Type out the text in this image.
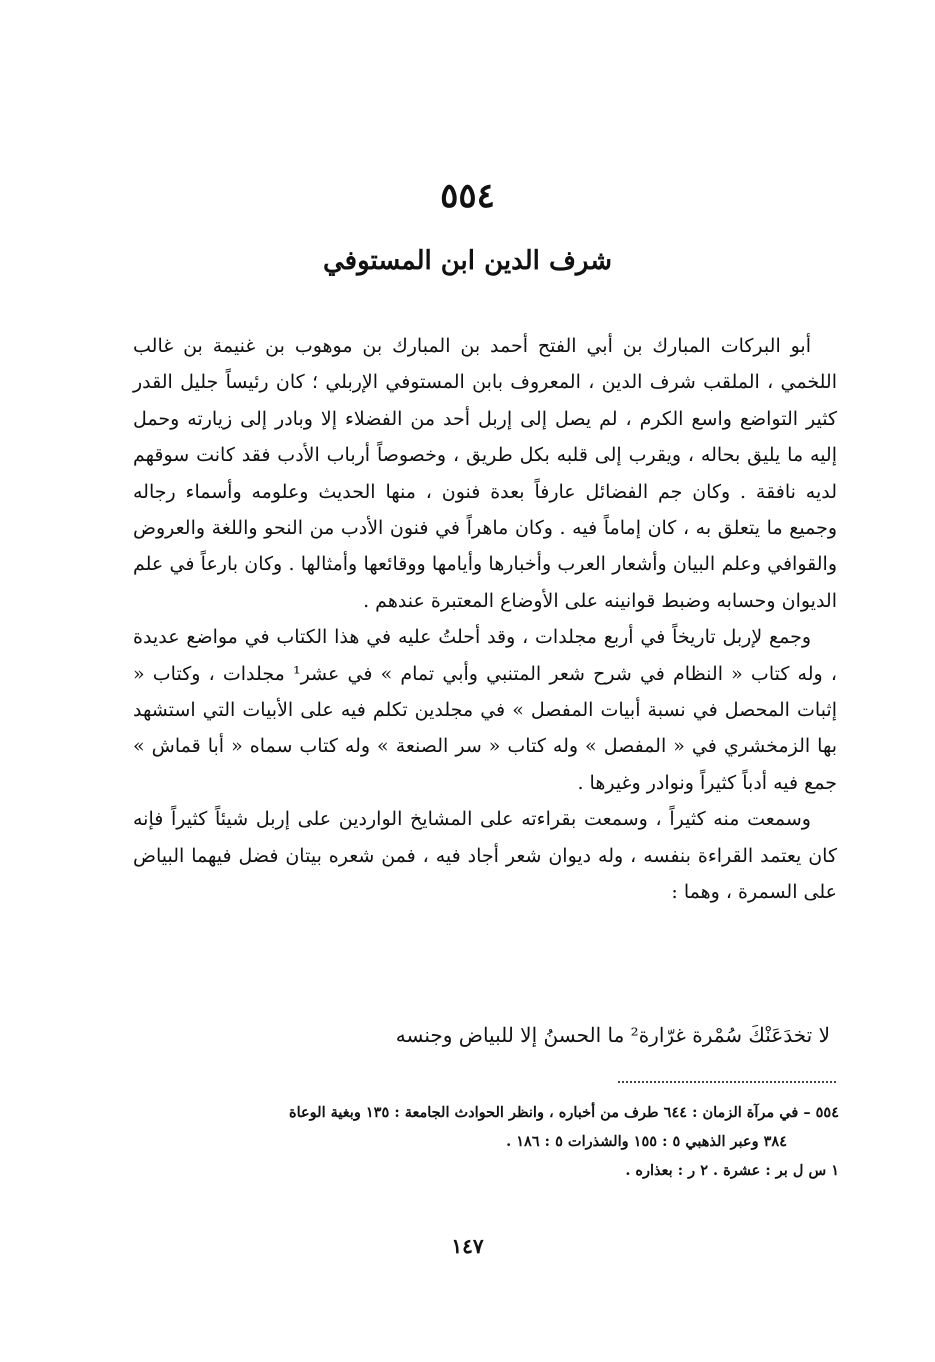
٥٥٤
شرف الدين ابن المستوفي

أبو البركات المبارك بن أبي الفتح أحمد بن المبارك بن موهوب بن غنيمة بن غالب اللخمي ، الملقب شرف الدين ، المعروف بابن المستوفي الإربلي ؛ كان رئيساً جليل القدر كثير التواضع واسع الكرم ، لم يصل إلى إربل أحد من الفضلاء إلا وبادر إلى زيارته وحمل إليه ما يليق بحاله ، ويقرب إلى قلبه بكل طريق ، وخصوصاً أرباب الأدب فقد كانت سوقهم لديه نافقة . وكان جم الفضائل عارفاً بعدة فنون ، منها الحديث وعلومه وأسماء رجاله وجميع ما يتعلق به ، كان إماماً فيه . وكان ماهراً في فنون الأدب من النحو واللغة والعروض والقوافي وعلم البيان وأشعار العرب وأخبارها وأيامها ووقائعها وأمثالها . وكان بارعاً في علم الديوان وحسابه وضبط قوانينه على الأوضاع المعتبرة عندهم .

وجمع لإربل تاريخاً في أربع مجلدات ، وقد أحلتُ عليه في هذا الكتاب في مواضع عديدة ، وله كتاب « النظام في شرح شعر المتنبي وأبي تمام » في عشر¹ مجلدات ، وكتاب « إثبات المحصل في نسبة أبيات المفصل » في مجلدين تكلم فيه على الأبيات التي استشهد بها الزمخشري في « المفصل » وله كتاب « سر الصنعة » وله كتاب سماه « أبا قماش » جمع فيه أدباً كثيراً ونوادر وغيرها .

وسمعت منه كثيراً ، وسمعت بقراءته على المشايخ الواردين على إربل شيئاً كثيراً فإنه كان يعتمد القراءة بنفسه ، وله ديوان شعر أجاد فيه ، فمن شعره بيتان فضل فيهما البياض على السمرة ، وهما :

لا تخدَعَنْكَ سُمْرة غرّارة² ما الحسنُ إلا للبياض وجنسه
٥٥٤ – في مرآة الزمان : ٦٤٤ طرف من أخباره ، وانظر الحوادث الجامعة : ١٣٥ وبغية الوعاة
٣٨٤ وعبر الذهبي ٥ : ١٥٥ والشذرات ٥ : ١٨٦ .
١ س ل بر : عشرة . ٢ ر : بعذاره .
١٤٧
